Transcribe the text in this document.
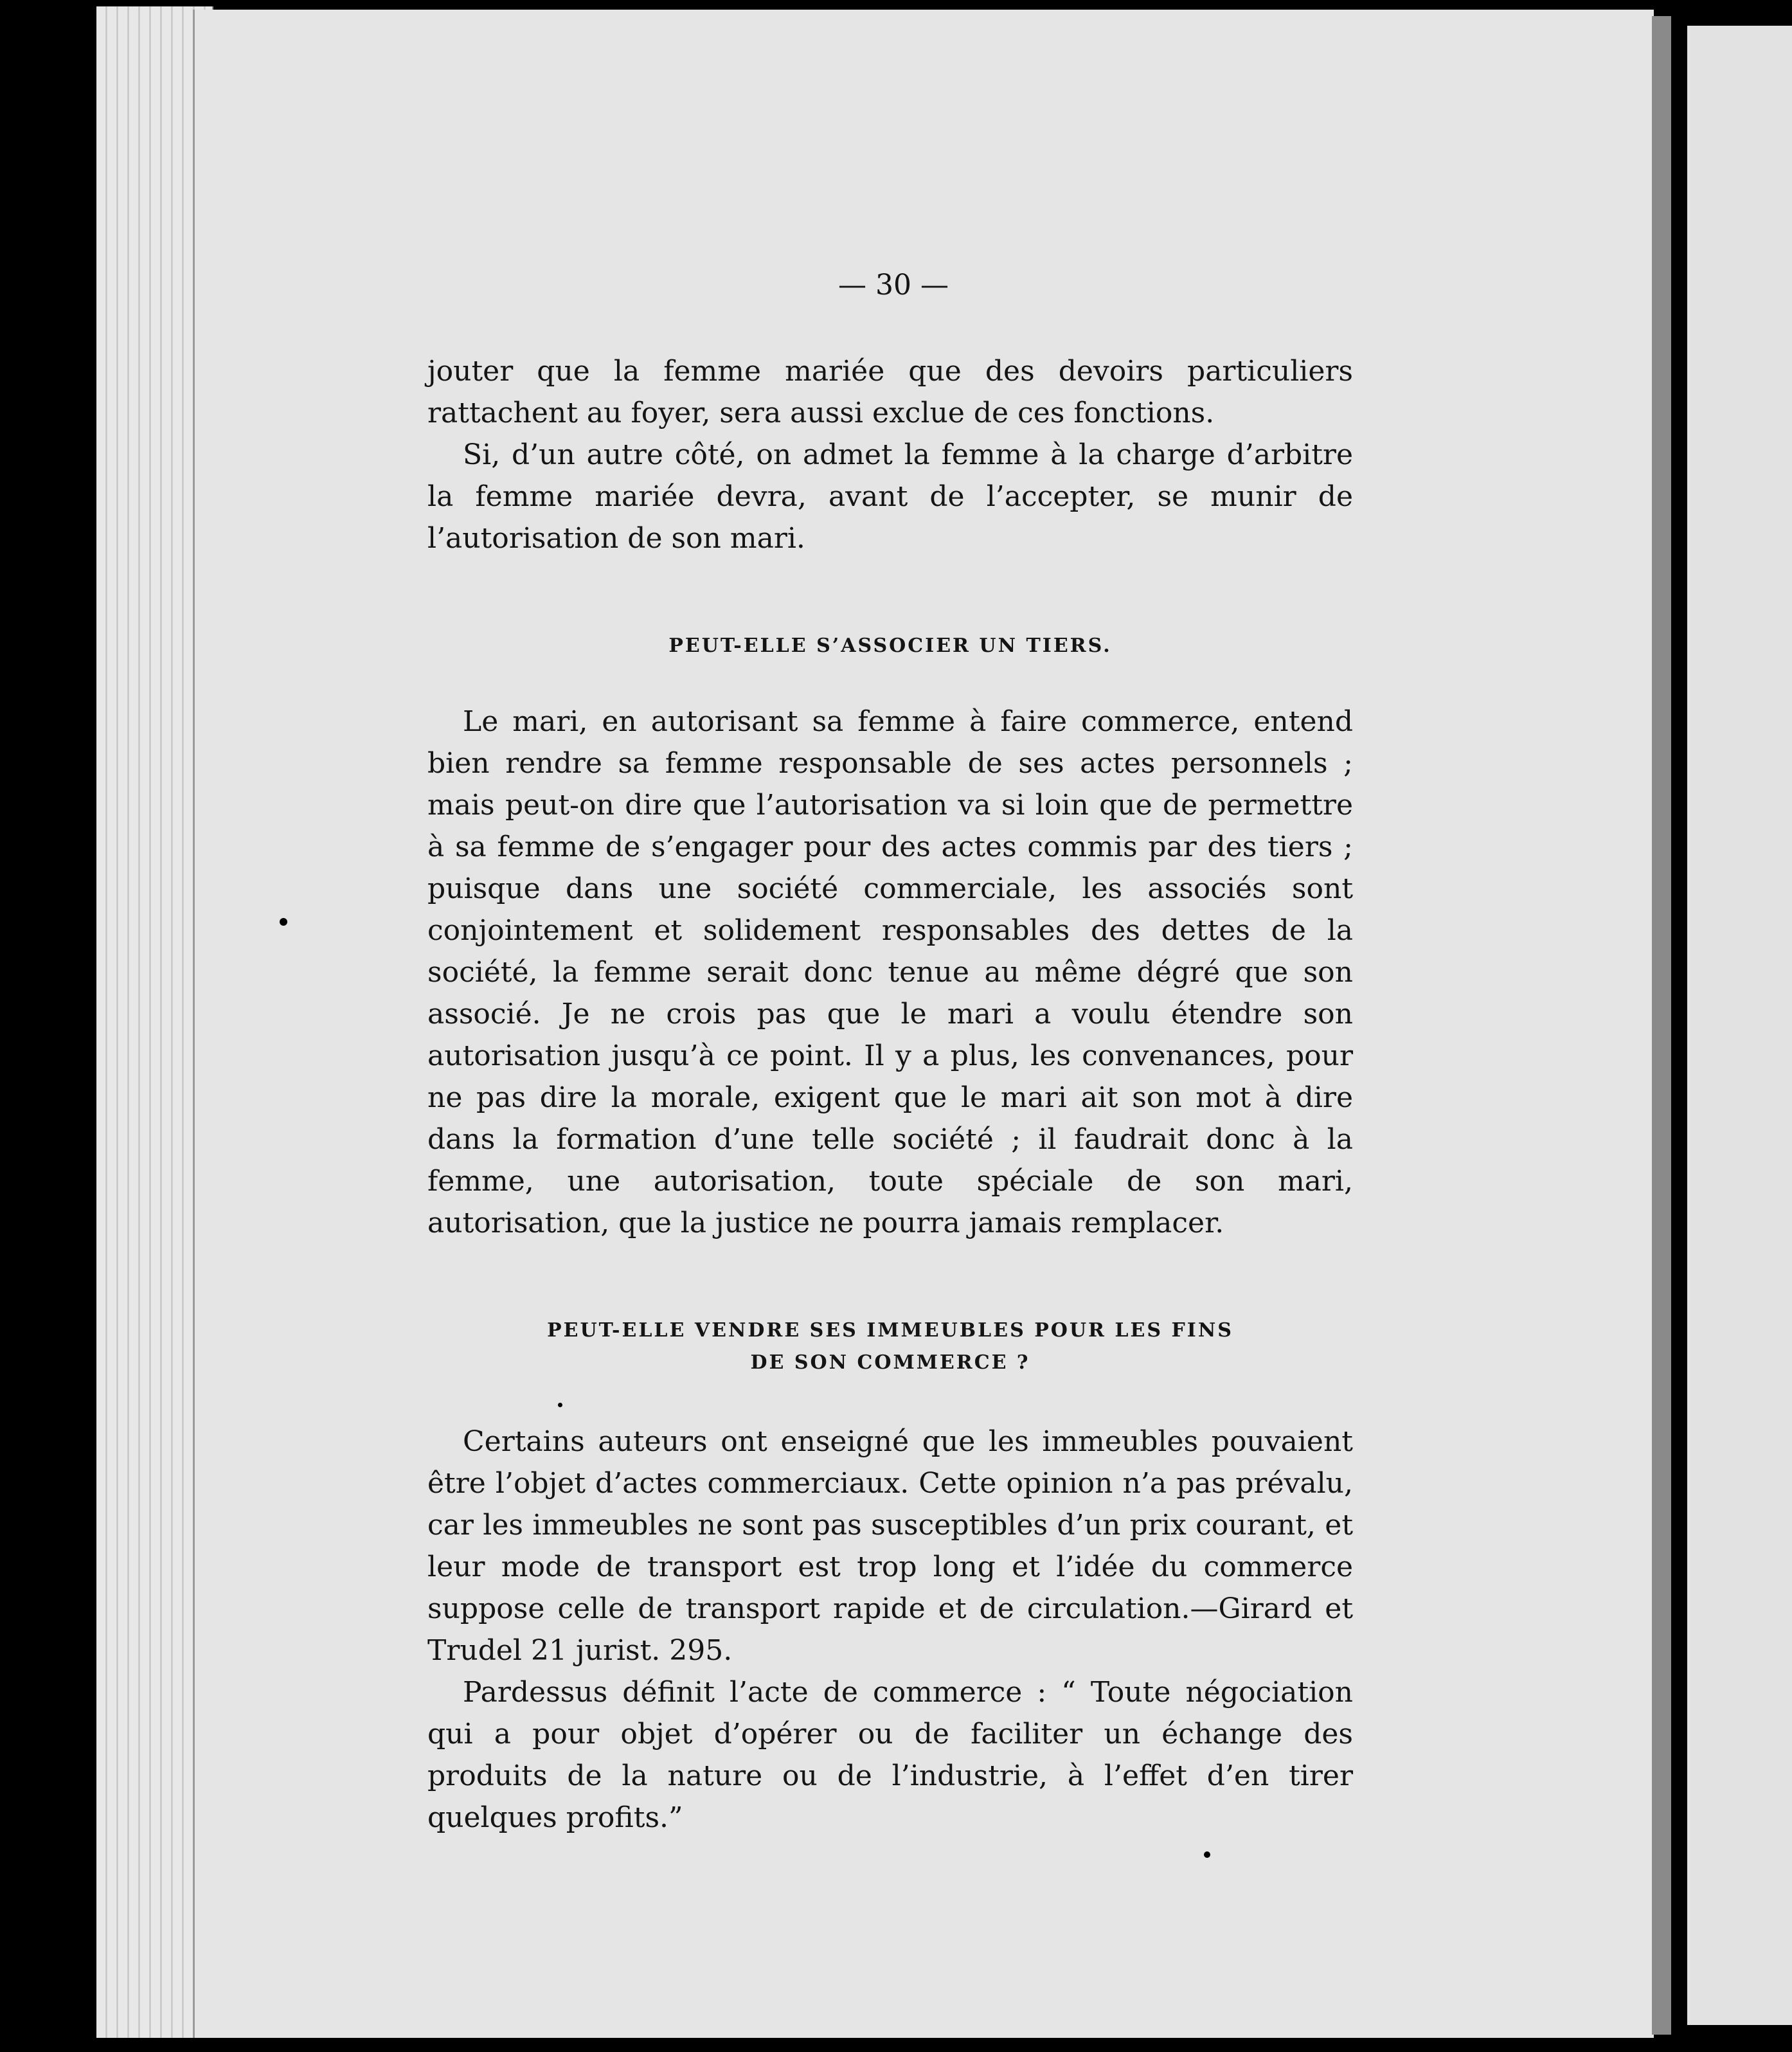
— 30 —

jouter que la femme mariée que des devoirs particuliers rattachent au foyer, sera aussi exclue de ces fonctions.

Si, d’un autre côté, on admet la femme à la charge d’arbitre la femme mariée devra, avant de l’accepter, se munir de l’autorisation de son mari.

PEUT-ELLE S’ASSOCIER UN TIERS.

Le mari, en autorisant sa femme à faire commerce, entend bien rendre sa femme responsable de ses actes personnels ; mais peut-on dire que l’autorisation va si loin que de permettre à sa femme de s’engager pour des actes commis par des tiers ; puisque dans une société commerciale, les associés sont conjointement et solidement responsables des dettes de la société, la femme serait donc tenue au même dégré que son associé. Je ne crois pas que le mari a voulu étendre son autorisation jusqu’à ce point. Il y a plus, les convenances, pour ne pas dire la morale, exigent que le mari ait son mot à dire dans la formation d’une telle société ; il faudrait donc à la femme, une autorisation, toute spéciale de son mari, autorisation, que la justice ne pourra jamais remplacer.

PEUT-ELLE VENDRE SES IMMEUBLES POUR LES FINS
DE SON COMMERCE ?

Certains auteurs ont enseigné que les immeubles pouvaient être l’objet d’actes commerciaux. Cette opinion n’a pas prévalu, car les immeubles ne sont pas susceptibles d’un prix courant, et leur mode de transport est trop long et l’idée du commerce suppose celle de transport rapide et de circulation.—Girard et Trudel 21 jurist. 295.

Pardessus définit l’acte de commerce : “ Toute négociation qui a pour objet d’opérer ou de faciliter un échange des produits de la nature ou de l’industrie, à l’effet d’en tirer quelques profits.”
